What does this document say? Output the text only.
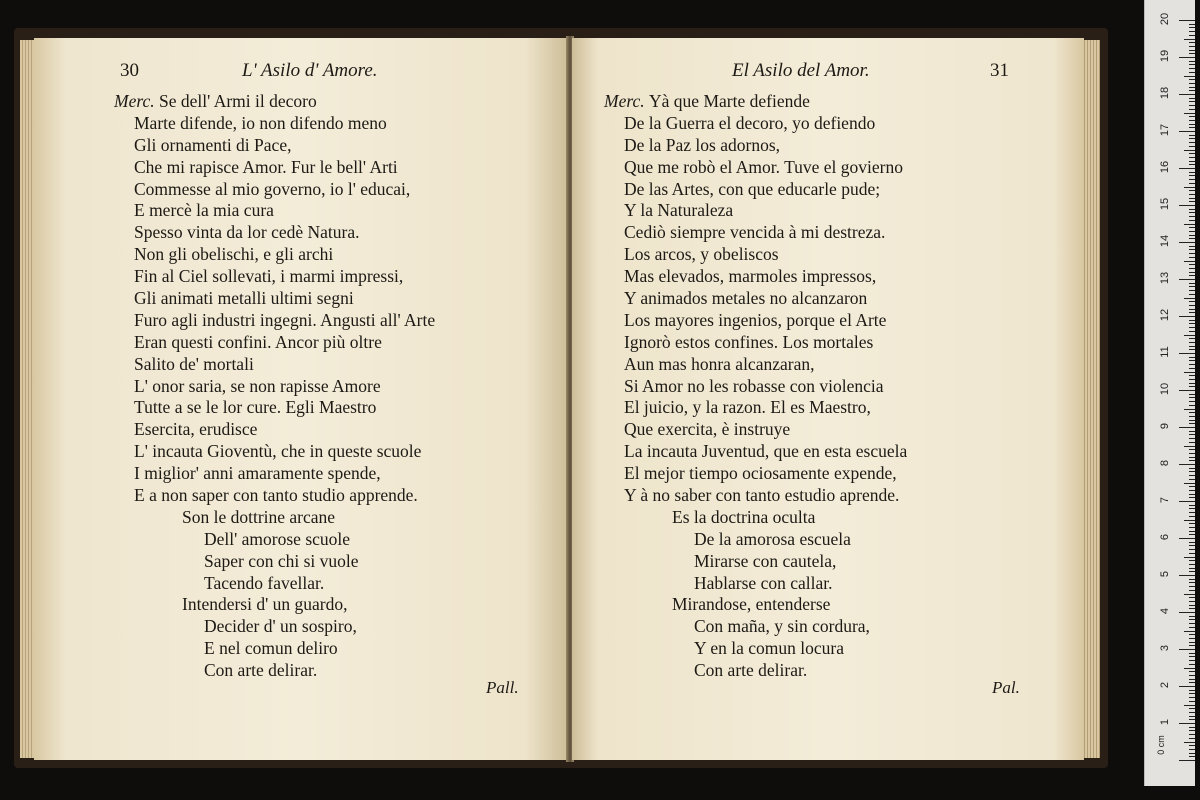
30	L' Asilo d' Amore.
Merc. Se dell' Armi il decoro
Marte difende, io non difendo meno
Gli ornamenti di Pace,
Che mi rapisce Amor. Fur le bell' Arti
Commesse al mio governo, io l' educai,
E mercè la mia cura
Spesso vinta da lor cedè Natura.
Non gli obelischi, e gli archi
Fin al Ciel sollevati, i marmi impressi,
Gli animati metalli ultimi segni
Furo agli industri ingegni. Angusti all' Arte
Eran questi confini. Ancor più oltre
Salito de' mortali
L' onor saria, se non rapisse Amore
Tutte a se le lor cure. Egli Maestro
Esercita, erudisce
L' incauta Gioventù, che in queste scuole
I miglior' anni amaramente spende,
E a non saper con tanto studio apprende.
Son le dottrine arcane
Dell' amorose scuole
Saper con chi si vuole
Tacendo favellar.
Intendersi d' un guardo,
Decider d' un sospiro,
E nel comun deliro
Con arte delirar.
Pall.
El Asilo del Amor.	31
Merc. Yà que Marte defiende
De la Guerra el decoro, yo defiendo
De la Paz los adornos,
Que me robò el Amor. Tuve el govierno
De las Artes, con que educarle pude;
Y la Naturaleza
Cediò siempre vencida à mi destreza.
Los arcos, y obeliscos
Mas elevados, marmoles impressos,
Y animados metales no alcanzaron
Los mayores ingenios, porque el Arte
Ignorò estos confines. Los mortales
Aun mas honra alcanzaran,
Si Amor no les robasse con violencia
El juicio, y la razon. El es Maestro,
Que exercita, è instruye
La incauta Juventud, que en esta escuela
El mejor tiempo ociosamente expende,
Y à no saber con tanto estudio aprende.
Es la doctrina oculta
De la amorosa escuela
Mirarse con cautela,
Hablarse con callar.
Mirandose, entenderse
Con maña, y sin cordura,
Y en la comun locura
Con arte delirar.
Pal.
0 cm
1
2
3
4
5
6
7
8
9
10
11
12
13
14
15
16
17
18
19
20
